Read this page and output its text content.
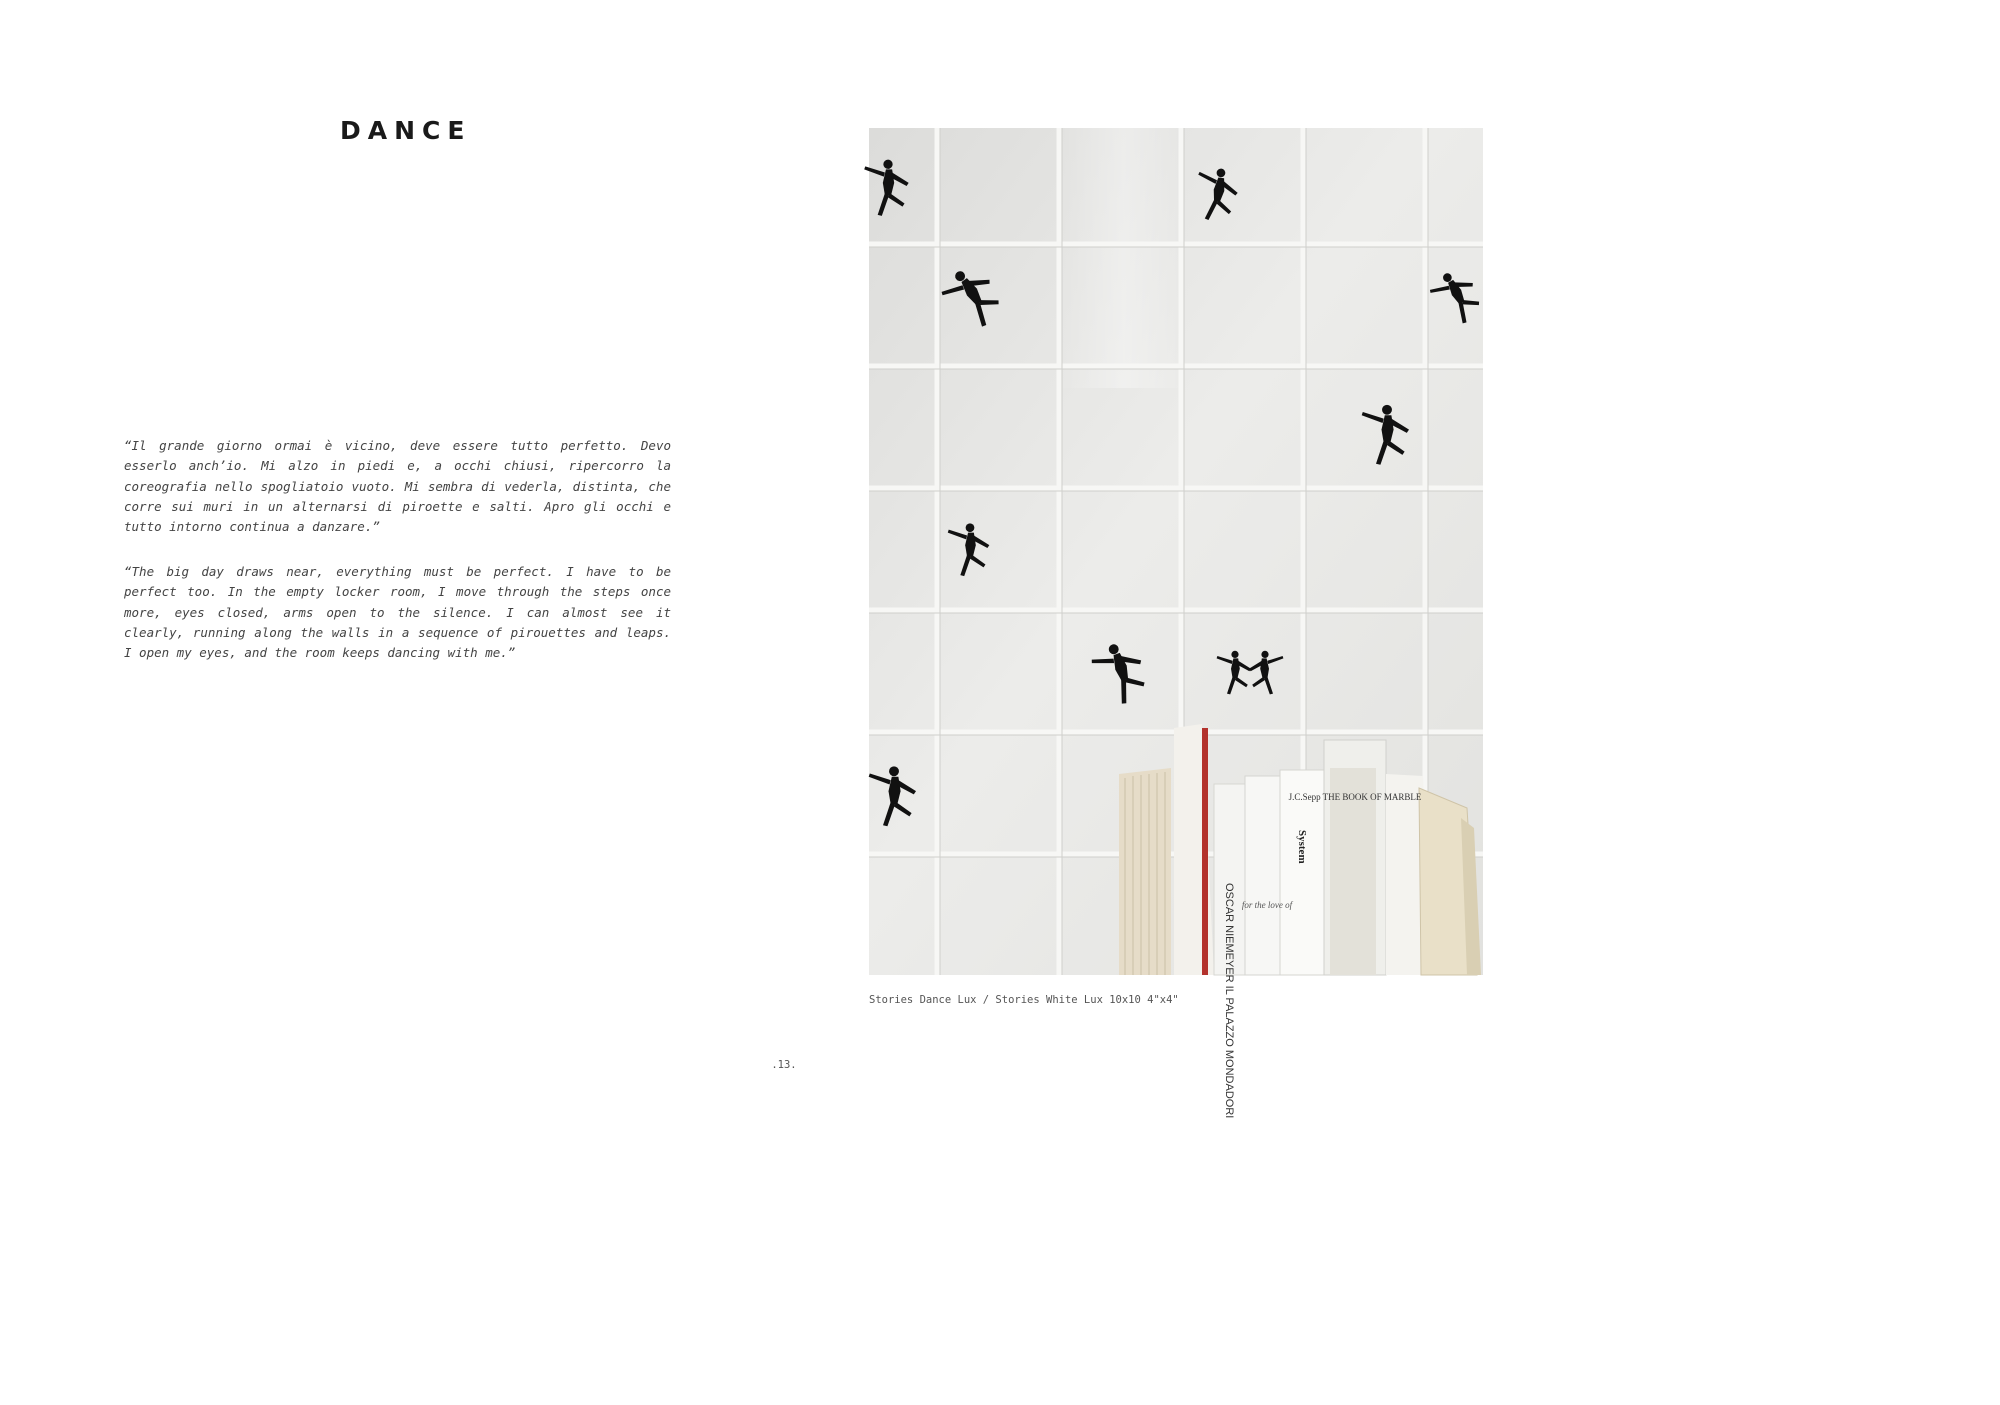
DANCE

“Il grande giorno ormai è vicino, deve essere tutto perfetto. Devo esserlo anch’io. Mi alzo in piedi e, a occhi chiusi, ripercorro la coreografia nello spogliatoio vuoto. Mi sembra di vederla, distinta, che corre sui muri in un alternarsi di piroette e salti. Apro gli occhi e tutto intorno continua a danzare.”

“The big day draws near, everything must be perfect. I have to be perfect too. In the empty locker room, I move through the steps once more, eyes closed, arms open to the silence. I can almost see it clearly, running along the walls in a sequence of pirouettes and leaps. I open my eyes, and the room keeps dancing with me.”

OSCAR NIEMEYER IL PALAZZO MONDADORI for the love of
System
J.C.Sepp THE BOOK OF MARBLE
Stories Dance Lux / Stories White Lux 10x10 4"x4"
.13.
